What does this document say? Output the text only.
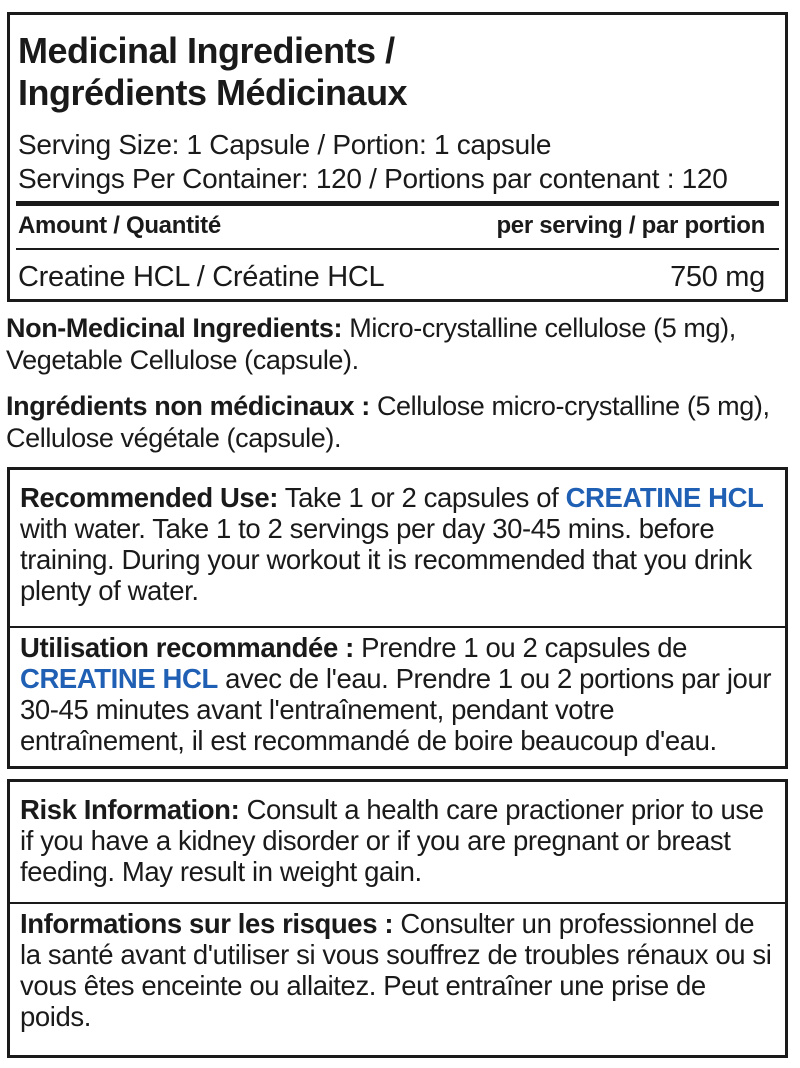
Medicinal Ingredients /
Ingrédients Médicinaux
Serving Size: 1 Capsule / Portion: 1 capsule
Servings Per Container: 120 / Portions par contenant : 120
Amount / Quantité	per serving / par portion
Creatine HCL / Créatine HCL	750 mg
Non-Medicinal Ingredients: Micro-crystalline cellulose (5 mg), Vegetable Cellulose (capsule).
Ingrédients non médicinaux : Cellulose micro-crystalline (5 mg), Cellulose végétale (capsule).
Recommended Use: Take 1 or 2 capsules of CREATINE HCL with water. Take 1 to 2 servings per day 30-45 mins. before training. During your workout it is recommended that you drink plenty of water.
Utilisation recommandée : Prendre 1 ou 2 capsules de CREATINE HCL avec de l'eau. Prendre 1 ou 2 portions par jour 30-45 minutes avant l'entraînement, pendant votre entraînement, il est recommandé de boire beaucoup d'eau.
Risk Information: Consult a health care practioner prior to use if you have a kidney disorder or if you are pregnant or breast feeding. May result in weight gain.
Informations sur les risques : Consulter un professionnel de la santé avant d'utiliser si vous souffrez de troubles rénaux ou si vous êtes enceinte ou allaitez. Peut entraîner une prise de poids.
